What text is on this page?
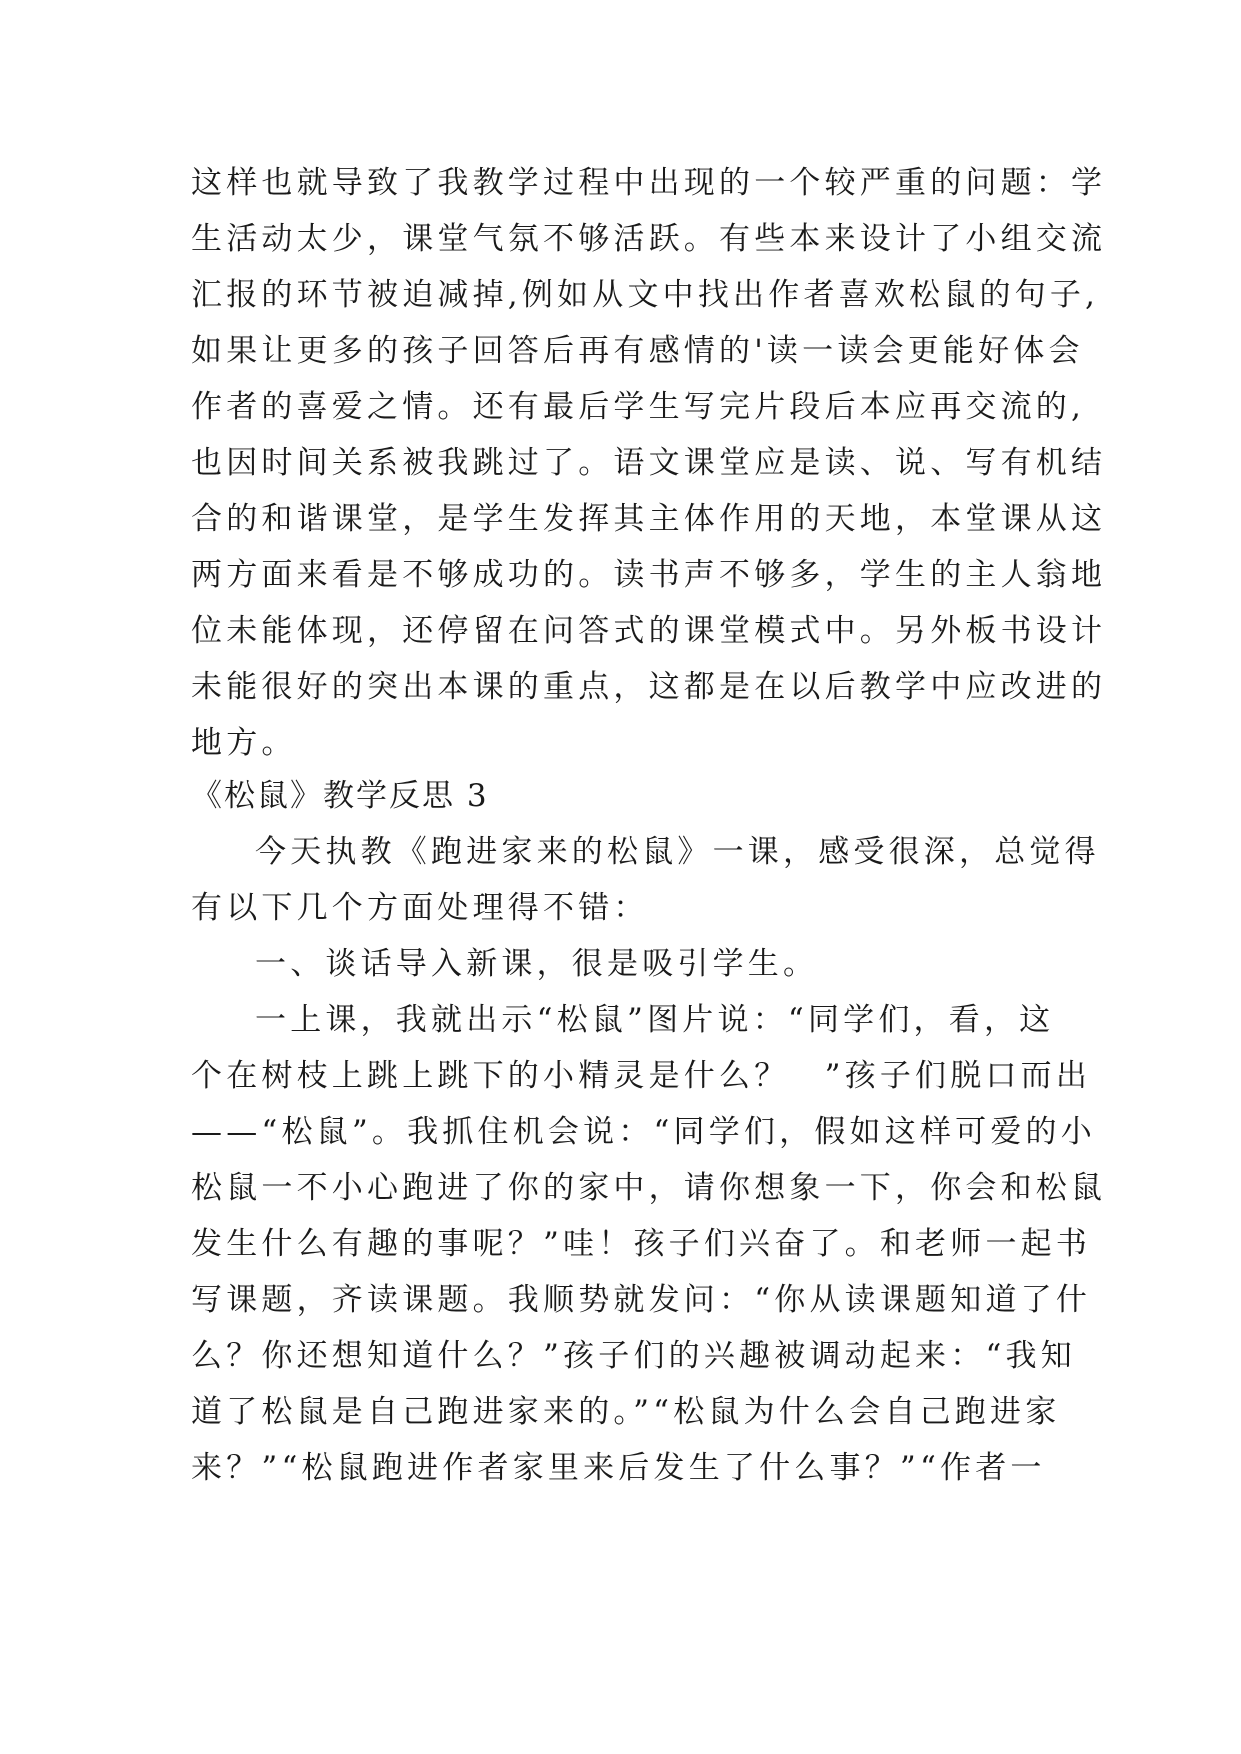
这样也就导致了我教学过程中出现的一个较严重的问题：学
生活动太少，课堂气氛不够活跃。有些本来设计了小组交流
汇报的环节被迫减掉,例如从文中找出作者喜欢松鼠的句子,
如果让更多的孩子回答后再有感情的'读一读会更能好体会
作者的喜爱之情。还有最后学生写完片段后本应再交流的,
也因时间关系被我跳过了。语文课堂应是读、说、写有机结
合的和谐课堂，是学生发挥其主体作用的天地，本堂课从这
两方面来看是不够成功的。读书声不够多，学生的主人翁地
位未能体现，还停留在问答式的课堂模式中。另外板书设计
未能很好的突出本课的重点，这都是在以后教学中应改进的
地方。
《松鼠》教学反思 3
今天执教《跑进家来的松鼠》一课，感受很深，总觉得
有以下几个方面处理得不错：
一、谈话导入新课，很是吸引学生。
一上课，我就出示“松鼠”图片说：“同学们，看，这
个在树枝上跳上跳下的小精灵是什么？　”孩子们脱口而出
——“松鼠”。我抓住机会说：“同学们，假如这样可爱的小
松鼠一不小心跑进了你的家中，请你想象一下，你会和松鼠
发生什么有趣的事呢？”哇！孩子们兴奋了。和老师一起书
写课题，齐读课题。我顺势就发问：“你从读课题知道了什
么？你还想知道什么？”孩子们的兴趣被调动起来：“我知
道了松鼠是自己跑进家来的。”“松鼠为什么会自己跑进家
来？”“松鼠跑进作者家里来后发生了什么事？”“作者一
